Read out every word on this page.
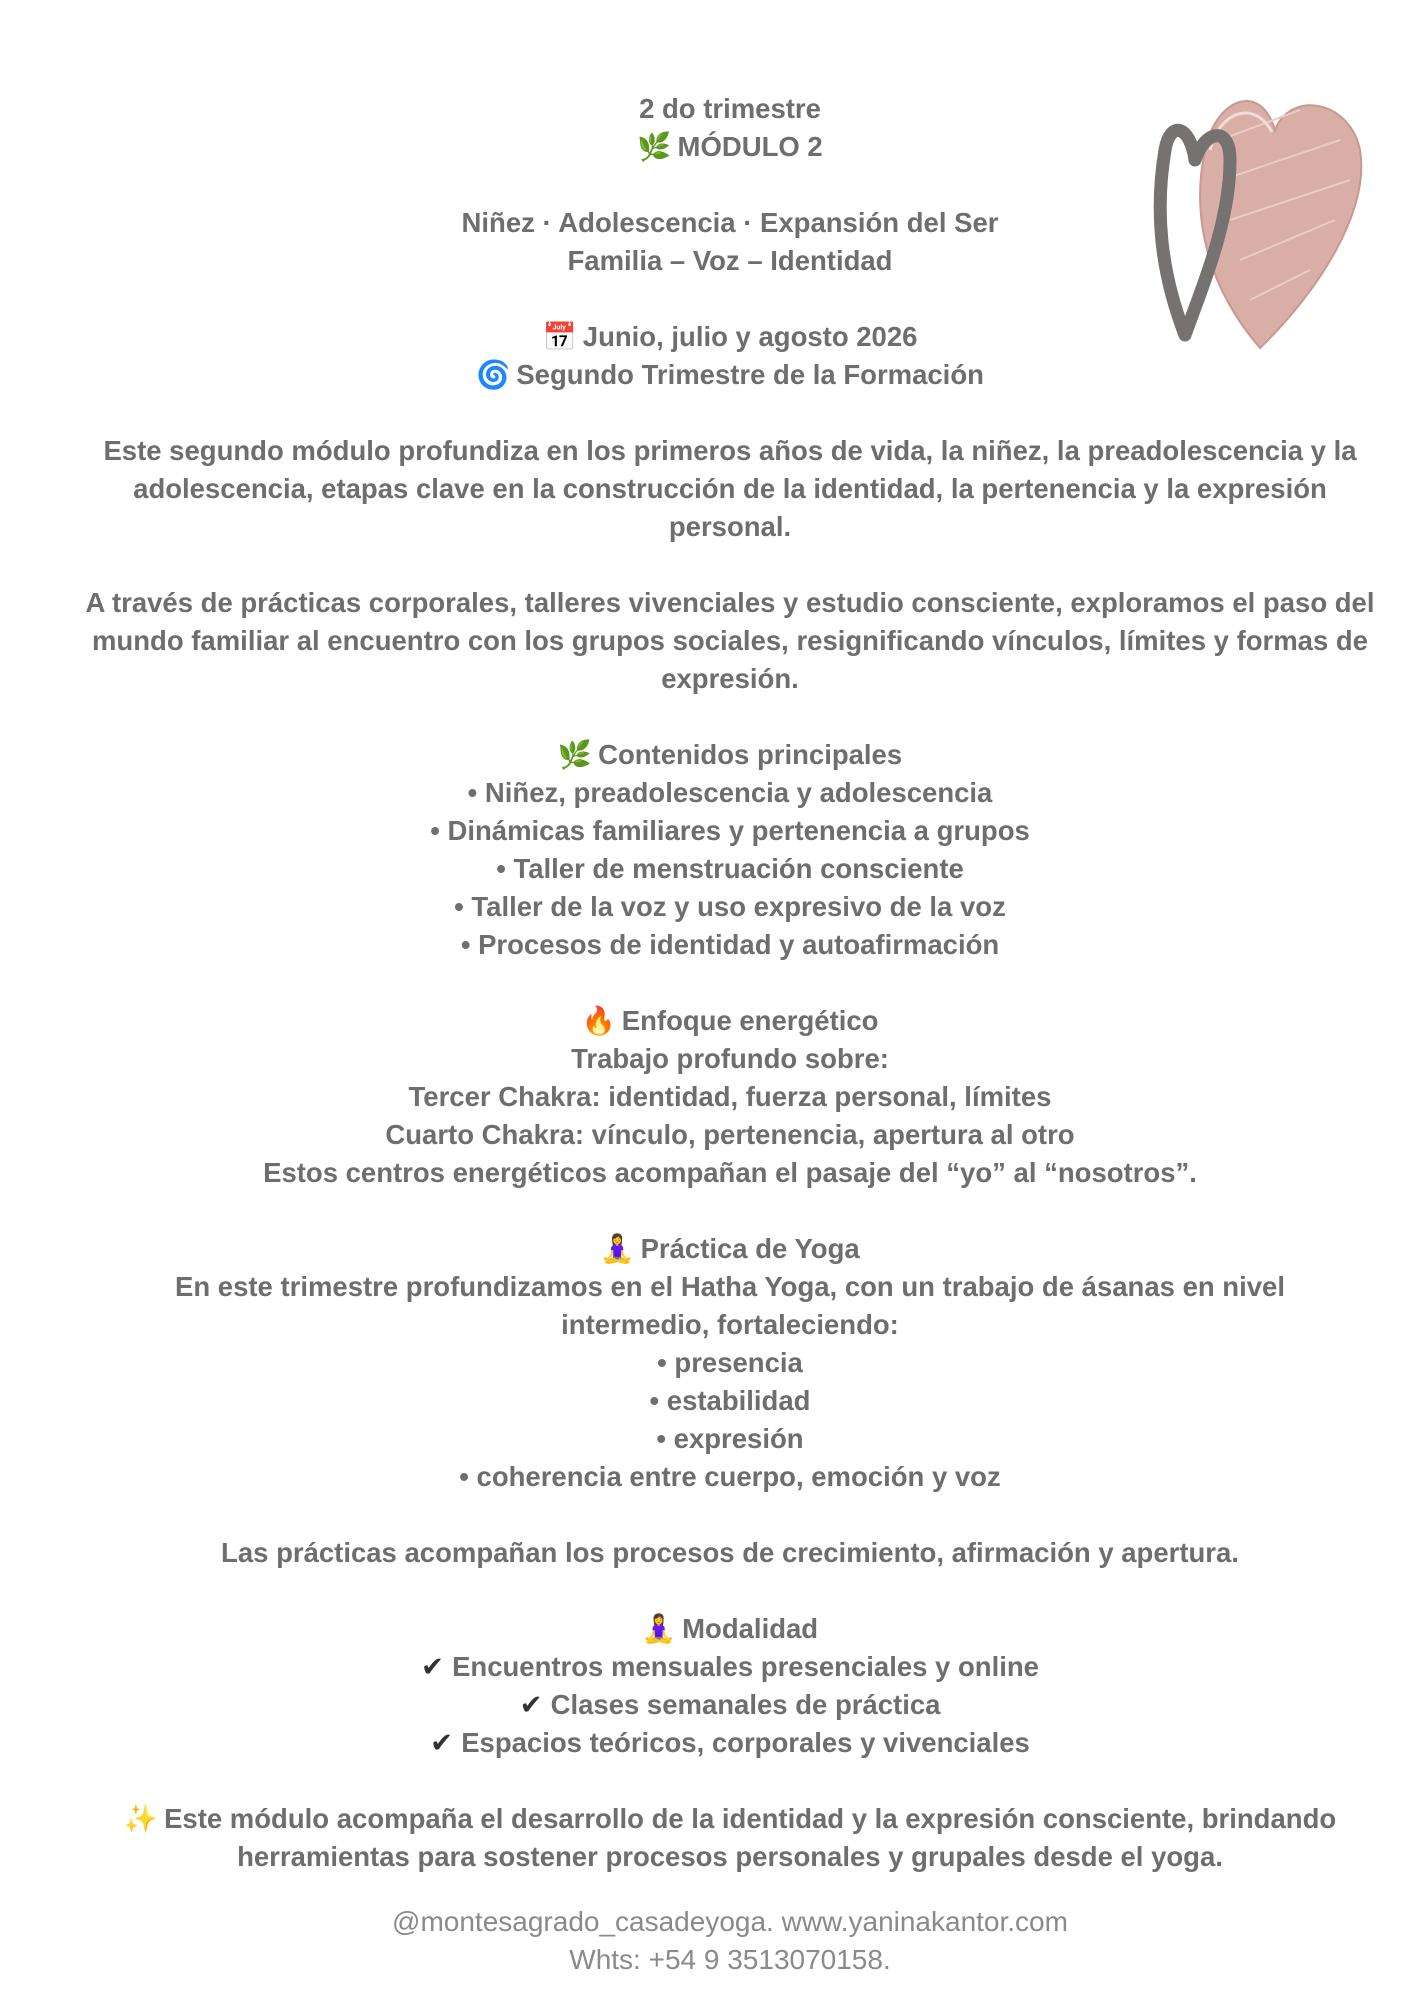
2 do trimestre
🌿 MÓDULO 2
Niñez · Adolescencia · Expansión del Ser
Familia – Voz – Identidad
📅 Junio, julio y agosto 2026
🌀 Segundo Trimestre de la Formación
Este segundo módulo profundiza en los primeros años de vida, la niñez, la preadolescencia y la adolescencia, etapas clave en la construcción de la identidad, la pertenencia y la expresión personal.
A través de prácticas corporales, talleres vivenciales y estudio consciente, exploramos el paso del mundo familiar al encuentro con los grupos sociales, resignificando vínculos, límites y formas de expresión.
🌿 Contenidos principales
• Niñez, preadolescencia y adolescencia
• Dinámicas familiares y pertenencia a grupos
• Taller de menstruación consciente
• Taller de la voz y uso expresivo de la voz
• Procesos de identidad y autoafirmación
🔥 Enfoque energético
Trabajo profundo sobre:
Tercer Chakra: identidad, fuerza personal, límites
Cuarto Chakra: vínculo, pertenencia, apertura al otro
Estos centros energéticos acompañan el pasaje del “yo” al “nosotros”.
🧘‍♀️ Práctica de Yoga
En este trimestre profundizamos en el Hatha Yoga, con un trabajo de ásanas en nivel
intermedio, fortaleciendo:
• presencia
• estabilidad
• expresión
• coherencia entre cuerpo, emoción y voz
Las prácticas acompañan los procesos de crecimiento, afirmación y apertura.
🧘‍♀️ Modalidad
✔ Encuentros mensuales presenciales y online
✔ Clases semanales de práctica
✔ Espacios teóricos, corporales y vivenciales
✨ Este módulo acompaña el desarrollo de la identidad y la expresión consciente, brindando
herramientas para sostener procesos personales y grupales desde el yoga.
@montesagrado_casadeyoga. www.yaninakantor.com
Whts: +54 9 3513070158.
